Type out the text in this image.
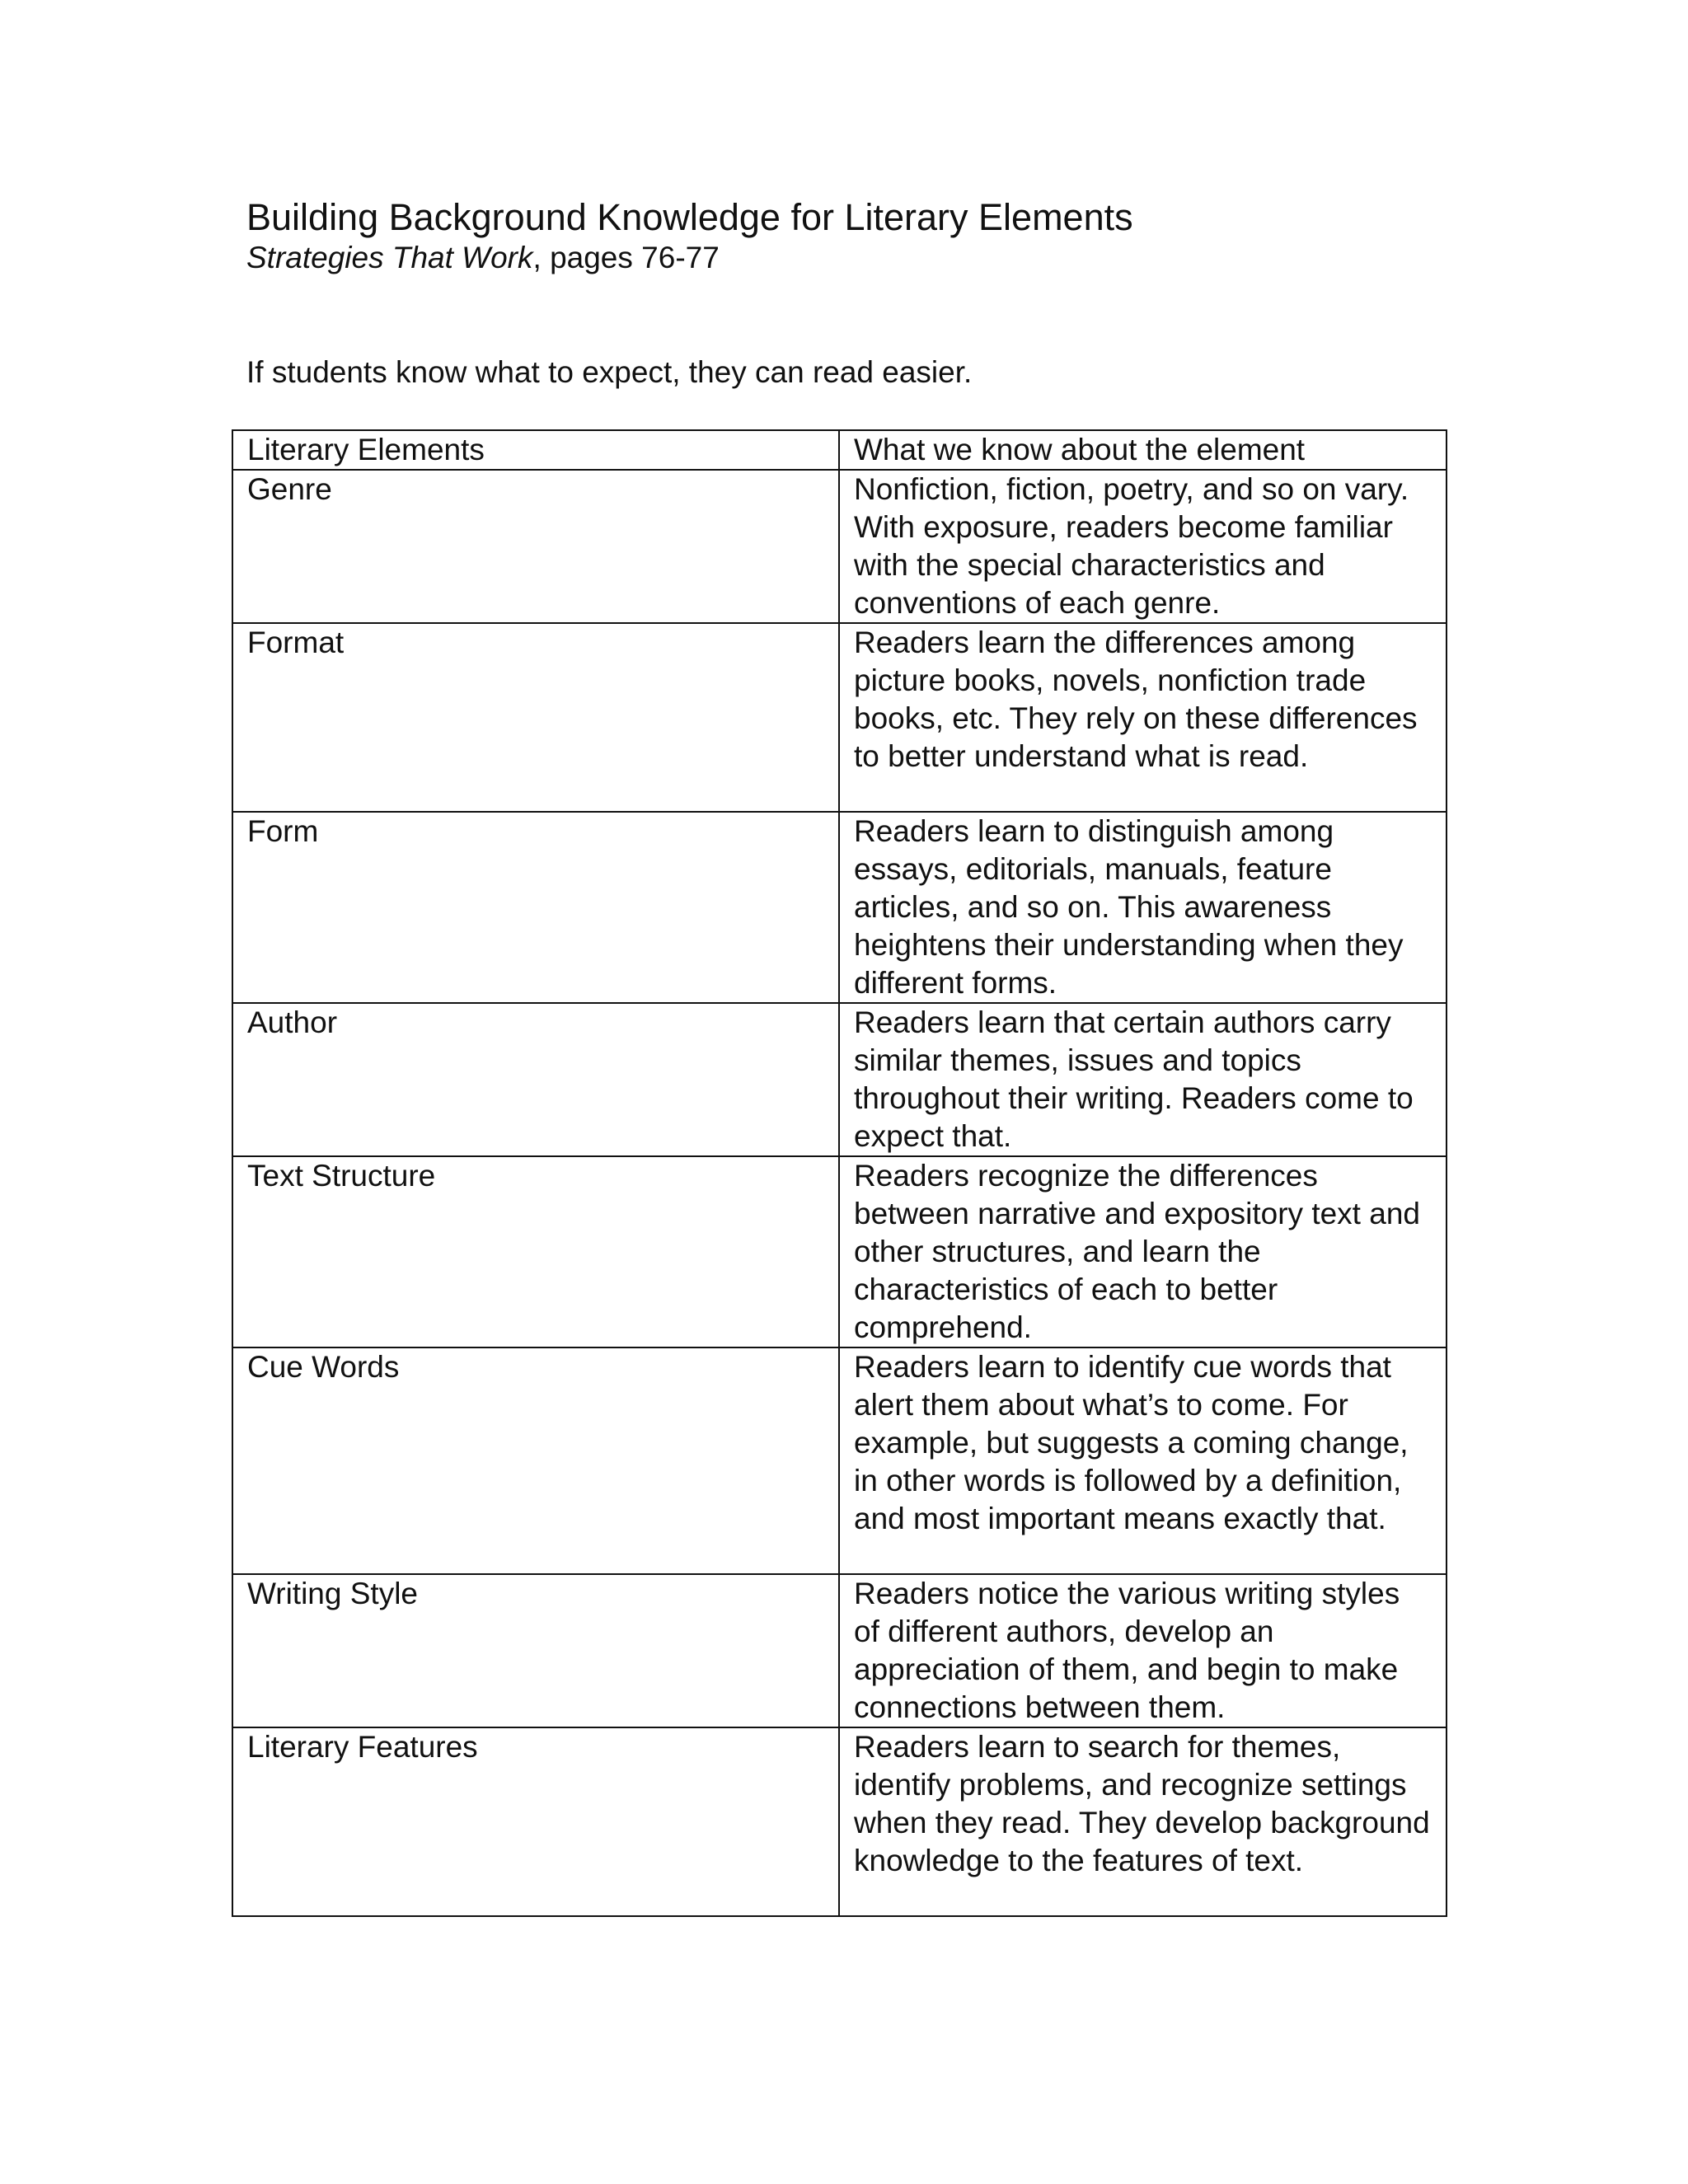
Building Background Knowledge for Literary Elements

Strategies That Work, pages 76-77

If students know what to expect, they can read easier.

Literary Elements	What we know about the element
Genre	Nonfiction, fiction, poetry, and so on vary. With exposure, readers become familiar with the special characteristics and conventions of each genre.
Format	Readers learn the differences among picture books, novels, nonfiction trade books, etc. They rely on these differences to better understand what is read.
Form	Readers learn to distinguish among essays, editorials, manuals, feature articles, and so on. This awareness heightens their understanding when they different forms.
Author	Readers learn that certain authors carry similar themes, issues and topics throughout their writing. Readers come to expect that.
Text Structure	Readers recognize the differences between narrative and expository text and other structures, and learn the characteristics of each to better comprehend.
Cue Words	Readers learn to identify cue words that alert them about what’s to come. For example, but suggests a coming change, in other words is followed by a definition, and most important means exactly that.
Writing Style	Readers notice the various writing styles of different authors, develop an appreciation of them, and begin to make connections between them.
Literary Features	Readers learn to search for themes, identify problems, and recognize settings when they read. They develop background knowledge to the features of text.
